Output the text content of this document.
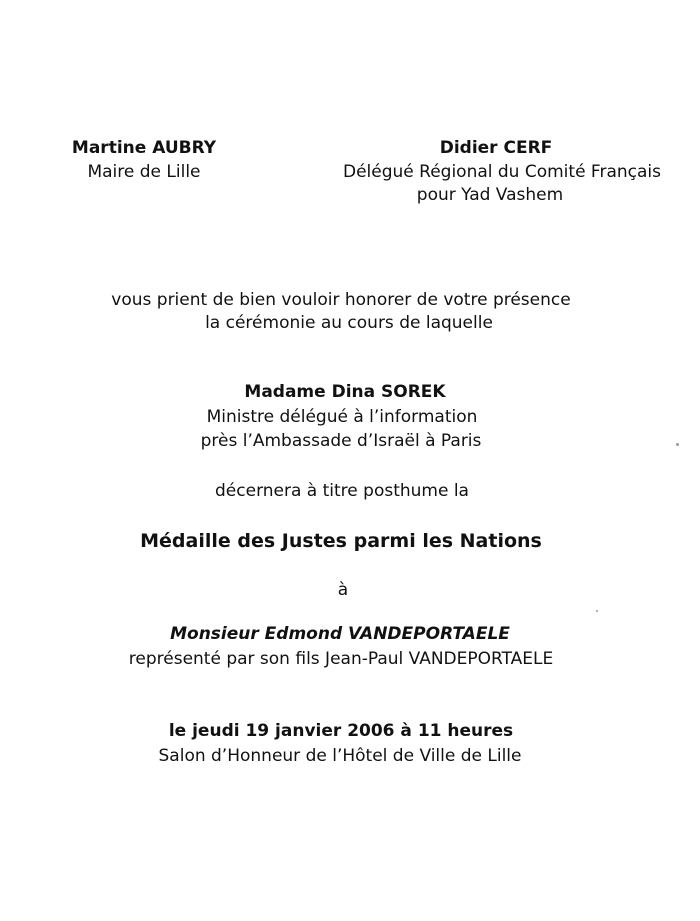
Martine AUBRY
Maire de Lille
Didier CERF
Délégué Régional du Comité Français
pour Yad Vashem
vous prient de bien vouloir honorer de votre présence
la cérémonie au cours de laquelle
Madame Dina SOREK
Ministre délégué à l’information
près l’Ambassade d’Israël à Paris
décernera à titre posthume la
Médaille des Justes parmi les Nations
à
Monsieur Edmond VANDEPORTAELE
représenté par son fils Jean-Paul VANDEPORTAELE
le jeudi 19 janvier 2006 à 11 heures
Salon d’Honneur de l’Hôtel de Ville de Lille
